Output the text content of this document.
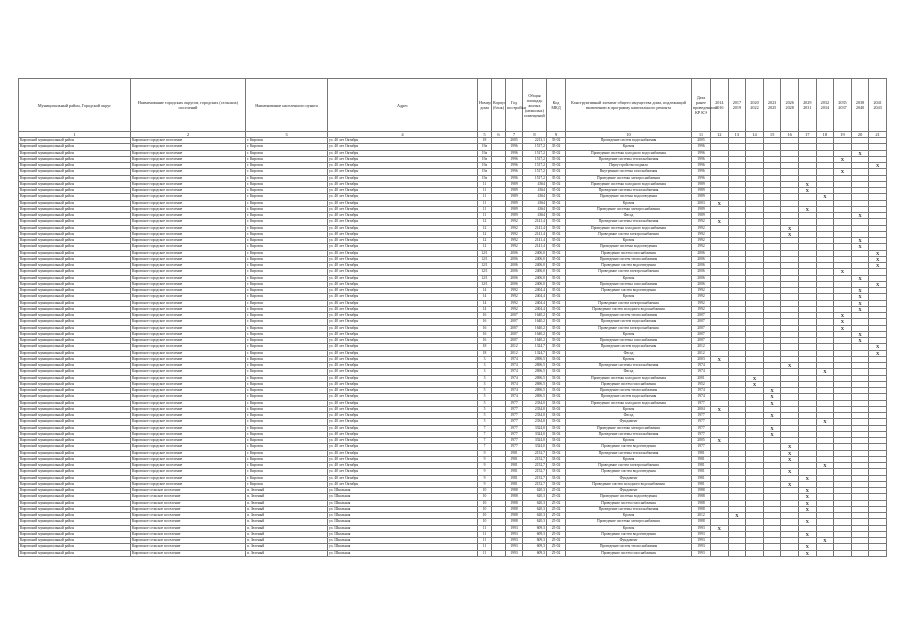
Муниципальный район, Городской округ	Наименование городских округов, городских (сельских) поселений	Наименование населенного пункта	Адрес	Номер дома	Корпус (блок)	Год постройки	Общая площадь жилых (нежилых) помещений	Код МКД	Конструктивный элемент общего имущества дома, подлежащий включению в программу капитального ремонта	Дата ранее проведенного КР КЭ	2014 2016	2017 2019	2020 2022	2023 2025	2026 2028	2029 2031	2032 2034	2035 2037	2038 2040	2041 2043
1	2	3	4	5	6	7	8	9	10	11	12	13	14	15	16	17	18	19	20	21
Кировский муниципальный район	Кировское городское поселение	г. Кировск	ул. 40 лет Октября	18		2005	2213,1	35-02	Проведение систем водоснабжения	2005										
Кировский муниципальный район	Кировское городское поселение	г. Кировск	ул. 40 лет Октября	19а		1996	1517,2	35-02	Кровля	1996										
Кировский муниципальный район	Кировское городское поселение	г. Кировск	ул. 40 лет Октября	19а		1996	1517,2	35-02	Проведение системы холодного водоснабжения	1996									X	
Кировский муниципальный район	Кировское городское поселение	г. Кировск	ул. 40 лет Октября	19а		1996	1517,2	35-02	Проведение системы теплоснабжения	1996								X		
Кировский муниципальный район	Кировское городское поселение	г. Кировск	ул. 40 лет Октября	19а		1996	1517,2	35-02	Переустройство подвала	1996										X
Кировский муниципальный район	Кировское городское поселение	г. Кировск	ул. 40 лет Октября	19а		1996	1517,2	35-02	Внутренние системы газоснабжения	1996								X		
Кировский муниципальный район	Кировское городское поселение	г. Кировск	ул. 40 лет Октября	19а		1996	1517,2	35-02	Проведение системы электроснабжения	1996										
Кировский муниципальный район	Кировское городское поселение	г. Кировск	ул. 40 лет Октября	11		1989	4364	35-02	Проведение системы холодного водоснабжения	1989						X				
Кировский муниципальный район	Кировское городское поселение	г. Кировск	ул. 40 лет Октября	11		1989	4364	35-02	Проведение системы теплоснабжения	1989						X				
Кировский муниципальный район	Кировское городское поселение	г. Кировск	ул. 40 лет Октября	11		1989	4364	35-02	Проведение системы водоотведения	1989							X			
Кировский муниципальный район	Кировское городское поселение	г. Кировск	ул. 40 лет Октября	11		1989	4364	35-02	Кровля	2003	X									
Кировский муниципальный район	Кировское городское поселение	г. Кировск	ул. 40 лет Октября	11		1989	4364	35-02	Проведение системы электроснабжения	1989						X				
Кировский муниципальный район	Кировское городское поселение	г. Кировск	ул. 40 лет Октября	11		1989	4364	35-02	Фасад	1989									X	
Кировский муниципальный район	Кировское городское поселение	г. Кировск	ул. 40 лет Октября	12		1992	2141,4	35-02	Проведение системы теплоснабжения	1992	X									
Кировский муниципальный район	Кировское городское поселение	г. Кировск	ул. 40 лет Октября	12		1992	2141,4	35-02	Проведение системы холодного водоснабжения	1992					X					
Кировский муниципальный район	Кировское городское поселение	г. Кировск	ул. 40 лет Октября	12		1992	2141,4	35-02	Проведение систем электроснабжения	1992					X					
Кировский муниципальный район	Кировское городское поселение	г. Кировск	ул. 40 лет Октября	12		1992	2141,4	35-02	Кровля	1992									X	
Кировский муниципальный район	Кировское городское поселение	г. Кировск	ул. 40 лет Октября	12		1992	2141,4	35-02	Проведение системы водоотведения	1992									X	
Кировский муниципальный район	Кировское городское поселение	г. Кировск	ул. 40 лет Октября	12/1		2006	2406,0	35-02	Проведение систем газоснабжения	2006										X
Кировский муниципальный район	Кировское городское поселение	г. Кировск	ул. 40 лет Октября	12/1		2006	2406,0	35-02	Проведение систем теплоснабжения	2006										X
Кировский муниципальный район	Кировское городское поселение	г. Кировск	ул. 40 лет Октября	12/1		2006	2406,0	35-02	Проведение систем водоотведения	2006										X
Кировский муниципальный район	Кировское городское поселение	г. Кировск	ул. 40 лет Октября	12/1		2006	2406,0	35-02	Проведение систем электроснабжения	2006								X		
Кировский муниципальный район	Кировское городское поселение	г. Кировск	ул. 40 лет Октября	12/1		2006	2406,0	35-02	Кровля	2006									X	
Кировский муниципальный район	Кировское городское поселение	г. Кировск	ул. 40 лет Октября	12/1		2006	2406,0	35-02	Проведение системы газоснабжения	2006										X
Кировский муниципальный район	Кировское городское поселение	г. Кировск	ул. 40 лет Октября	14		1992	2404,4	35-02	Проведение систем водоотведения	1992									X	
Кировский муниципальный район	Кировское городское поселение	г. Кировск	ул. 40 лет Октября	14		1992	2404,4	35-02	Кровля	1992									X	
Кировский муниципальный район	Кировское городское поселение	г. Кировск	ул. 40 лет Октября	14		1992	2404,4	35-02	Проведение систем электроснабжения	1992									X	
Кировский муниципальный район	Кировское городское поселение	г. Кировск	ул. 40 лет Октября	14		1992	2404,4	35-02	Проведение систем холодного водоснабжения	1992									X	
Кировский муниципальный район	Кировское городское поселение	г. Кировск	ул. 40 лет Октября	16		2007	1640,2	35-02	Проведение систем теплоснабжения	2007								X		
Кировский муниципальный район	Кировское городское поселение	г. Кировск	ул. 40 лет Октября	16		2007	1640,2	35-02	Проведение систем водоснабжения	2007								X		
Кировский муниципальный район	Кировское городское поселение	г. Кировск	ул. 40 лет Октября	16		2007	1640,2	35-02	Проведение систем электроснабжения	2007								X		
Кировский муниципальный район	Кировское городское поселение	г. Кировск	ул. 40 лет Октября	16		2007	1640,2	35-02	Кровля	2007									X	
Кировский муниципальный район	Кировское городское поселение	г. Кировск	ул. 40 лет Октября	16		2007	1640,2	35-02	Проведение системы газоснабжения	2007									X	
Кировский муниципальный район	Кировское городское поселение	г. Кировск	ул. 40 лет Октября	18		2012	1324,7	35-02	Проведение систем водоснабжения	2012										X
Кировский муниципальный район	Кировское городское поселение	г. Кировск	ул. 40 лет Октября	18		2012	1324,7	35-02	Фасад	2012										X
Кировский муниципальный район	Кировское городское поселение	г. Кировск	ул. 40 лет Октября	3		1974	2696,5	33-02	Кровля	2003	X									
Кировский муниципальный район	Кировское городское поселение	г. Кировск	ул. 40 лет Октября	3		1974	2696,5	33-02	Проведение системы теплоснабжения	1974					X					
Кировский муниципальный район	Кировское городское поселение	г. Кировск	ул. 40 лет Октября	3		1974	2696,5	33-02	Фасад	1974							X			
Кировский муниципальный район	Кировское городское поселение	г. Кировск	ул. 40 лет Октября	3		1974	2696,5	33-02	Проведение системы холодного водоснабжения	2001			X							
Кировский муниципальный район	Кировское городское поселение	г. Кировск	ул. 40 лет Октября	3		1974	2696,5	33-02	Проведение систем газоснабжения	1952			X							
Кировский муниципальный район	Кировское городское поселение	г. Кировск	ул. 40 лет Октября	5		1974	2696,5	33-02	Проведение систем теплоснабжения	1974				X						
Кировский муниципальный район	Кировское городское поселение	г. Кировск	ул. 40 лет Октября	5		1974	2696,5	33-02	Проведение систем водоснабжения	1974				X						
Кировский муниципальный район	Кировское городское поселение	г. Кировск	ул. 40 лет Октября	5		1977	2334,0	33-02	Проведение системы холодного водоснабжения	1977				X						
Кировский муниципальный район	Кировское городское поселение	г. Кировск	ул. 40 лет Октября	5		1977	2334,0	33-02	Кровля	2004	X									
Кировский муниципальный район	Кировское городское поселение	г. Кировск	ул. 40 лет Октября	5		1977	2334,0	33-02	Фасад	1977				X						
Кировский муниципальный район	Кировское городское поселение	г. Кировск	ул. 40 лет Октября	5		1977	2334,0	33-02	Фундамент	1977							X			
Кировский муниципальный район	Кировское городское поселение	г. Кировск	ул. 40 лет Октября	7		1977	3324,0	33-02	Проведение системы электроснабжения	1977				X						
Кировский муниципальный район	Кировское городское поселение	г. Кировск	ул. 40 лет Октября	7		1977	3324,0	33-02	Проведение системы теплоснабжения	1977				X						
Кировский муниципальный район	Кировское городское поселение	г. Кировск	ул. 40 лет Октября	7		1977	3324,0	33-02	Кровля	2005	X									
Кировский муниципальный район	Кировское городское поселение	г. Кировск	ул. 40 лет Октября	7		1977	3324,0	33-02	Проведение систем водоотведения	1977					X					
Кировский муниципальный район	Кировское городское поселение	г. Кировск	ул. 40 лет Октября	9		1981	2152,7	33-02	Проведение системы теплоснабжения	1981					X					
Кировский муниципальный район	Кировское городское поселение	г. Кировск	ул. 40 лет Октября	9		1981	2152,7	33-02	Кровля	1981					X					
Кировский муниципальный район	Кировское городское поселение	г. Кировск	ул. 40 лет Октября	9		1981	2152,7	33-02	Проведение систем электроснабжения	1981							X			
Кировский муниципальный район	Кировское городское поселение	г. Кировск	ул. 40 лет Октября	9		1981	2152,7	33-02	Проведение систем водоотведения	1981					X					
Кировский муниципальный район	Кировское городское поселение	г. Кировск	ул. 40 лет Октября	9		1981	2152,7	33-02	Фундамент	1981						X				
Кировский муниципальный район	Кировское городское поселение	г. Кировск	ул. 40 лет Октября	9		1981	2152,7	33-02	Проведение систем холодного водоснабжения	1981					X					
Кировский муниципальный район	Кировское сельское поселение	п. Зеленый	ул. Школьная	10		1988	620,3	25-02	Фундамент	1988						X				
Кировский муниципальный район	Кировское сельское поселение	п. Зеленый	ул. Школьная	10		1988	620,3	25-02	Проведение системы водоотведения	1988						X				
Кировский муниципальный район	Кировское сельское поселение	п. Зеленый	ул. Школьная	10		1988	620,3	25-02	Проведение систем газоснабжения	1988						X				
Кировский муниципальный район	Кировское сельское поселение	п. Зеленый	ул. Школьная	10		1988	620,3	25-02	Проведение системы теплоснабжения	1988						X				
Кировский муниципальный район	Кировское сельское поселение	п. Зеленый	ул. Школьная	10		1988	620,3	25-02	Кровля	2012		X								
Кировский муниципальный район	Кировское сельское поселение	п. Зеленый	ул. Школьная	10		1988	620,3	25-02	Проведение системы электроснабжения	1988						X				
Кировский муниципальный район	Кировское сельское поселение	п. Зеленый	ул. Школьная	11		1993	609,3	25-02	Кровля	1993	X									
Кировский муниципальный район	Кировское сельское поселение	п. Зеленый	ул. Школьная	11		1993	609,3	25-02	Проведение систем водоотведения	1993						X				
Кировский муниципальный район	Кировское сельское поселение	п. Зеленый	ул. Школьная	11		1993	609,3	25-02	Фундамент	1993							X			
Кировский муниципальный район	Кировское сельское поселение	п. Зеленый	ул. Школьная	11		1993	609,3	25-02	Проведение систем теплоснабжения	1993						X				
Кировский муниципальный район	Кировское сельское поселение	п. Зеленый	ул. Школьная	11		1993	609,3	25-02	Проведение систем газоснабжения	1993						X				
